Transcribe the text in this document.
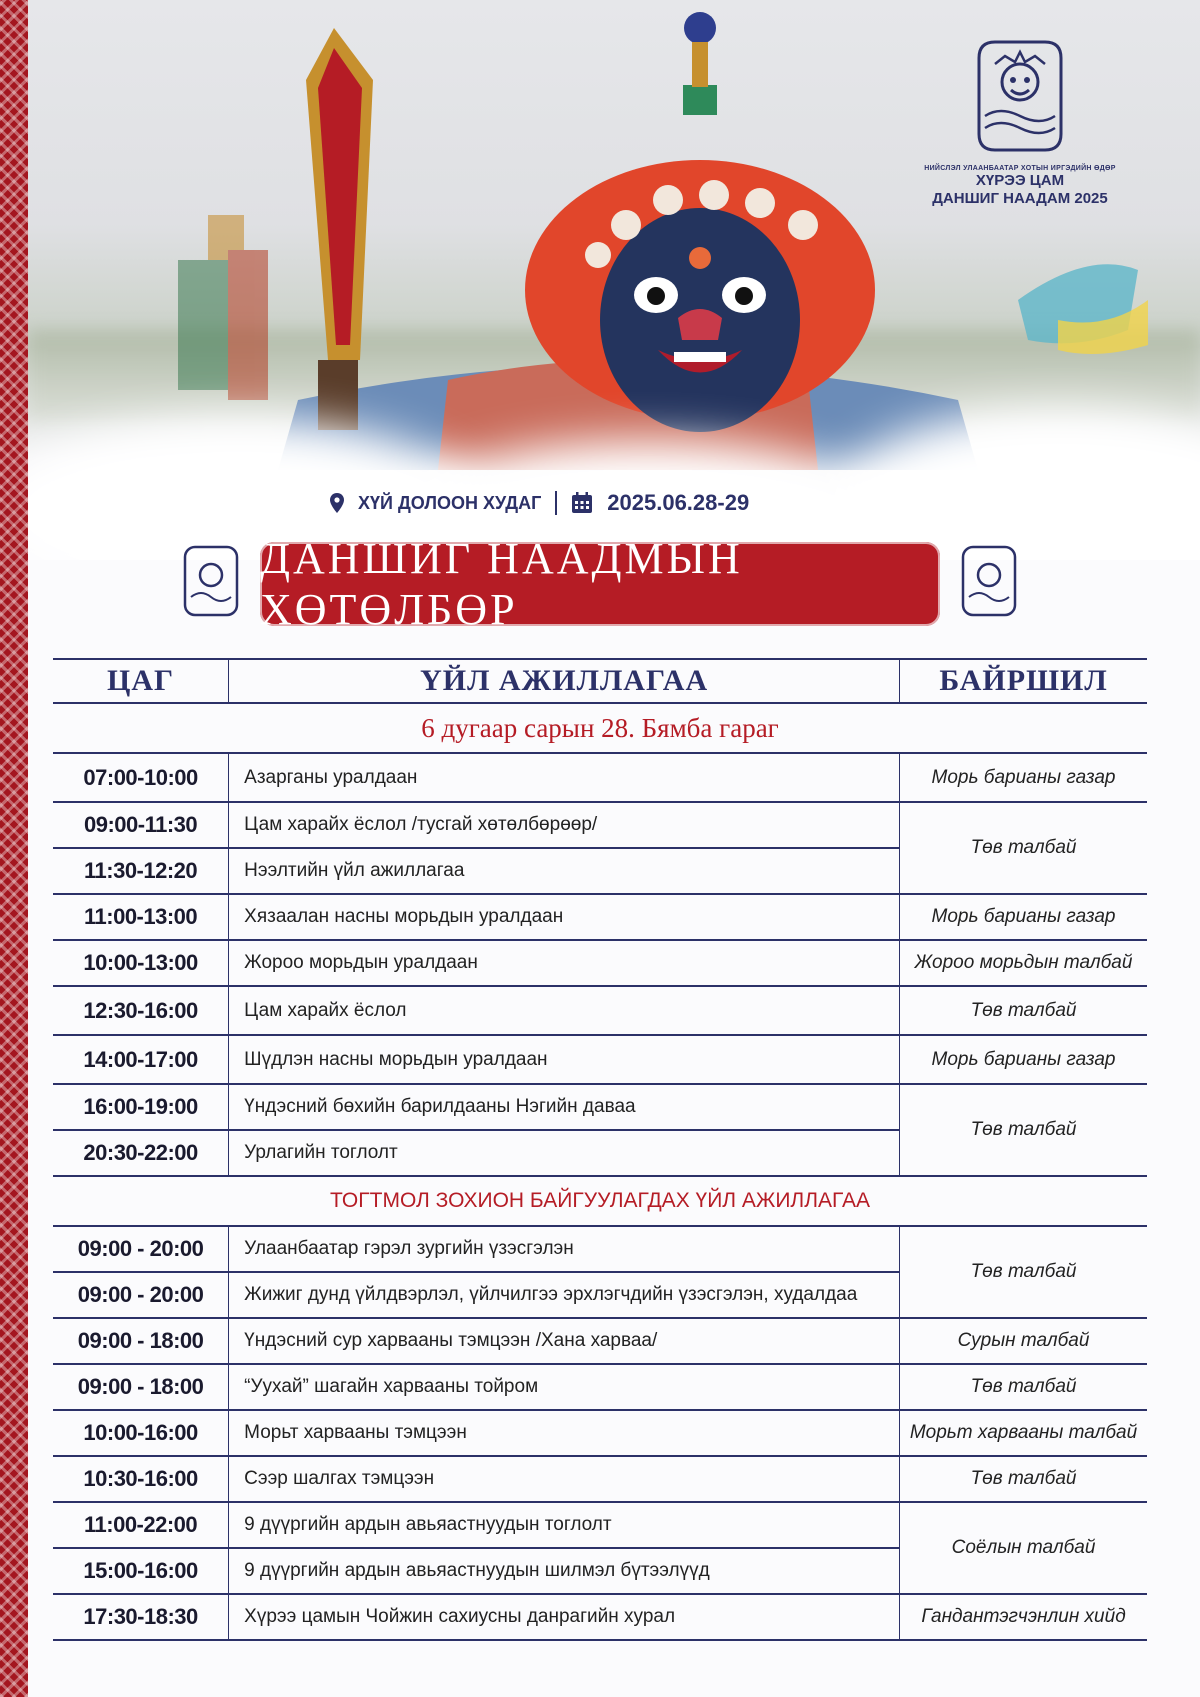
НИЙСЛЭЛ УЛААНБААТАР ХОТЫН ИРГЭДИЙН ӨДӨР
ХҮРЭЭ ЦАМ
ДАНШИГ НААДАМ 2025
ХҮЙ ДОЛООН ХУДАГ	2025.06.28-29
ДАНШИГ НААДМЫН ХӨТӨЛБӨР
ЦАГ	ҮЙЛ АЖИЛЛАГАА	БАЙРШИЛ
6 дугаар сарын 28. Бямба гараг		
07:00-10:00	Азарганы уралдаан	Морь барианы газар
09:00-11:30	Цам харайх ёслол /тусгай хөтөлбөрөөр/	Төв талбай
11:30-12:20	Нээлтийн үйл ажиллагаа	
11:00-13:00	Хязаалан насны морьдын уралдаан	Морь барианы газар
10:00-13:00	Жороо морьдын уралдаан	Жороо морьдын талбай
12:30-16:00	Цам харайх ёслол	Төв талбай
14:00-17:00	Шүдлэн насны морьдын уралдаан	Морь барианы газар
16:00-19:00	Үндэсний бөхийн барилдааны Нэгийн даваа	Төв талбай
20:30-22:00	Урлагийн тоглолт	
ТОГТМОЛ ЗОХИОН БАЙГУУЛАГДАХ ҮЙЛ АЖИЛЛАГАА		
09:00 - 20:00	Улаанбаатар гэрэл зургийн үзэсгэлэн	Төв талбай
09:00 - 20:00	Жижиг дунд үйлдвэрлэл, үйлчилгээ эрхлэгчдийн үзэсгэлэн, худалдаа	
09:00 - 18:00	Үндэсний сур харвааны тэмцээн /Хана харваа/	Сурын талбай
09:00 - 18:00	“Уухай” шагайн харвааны тойром	Төв талбай
10:00-16:00	Морьт харвааны тэмцээн	Морьт харвааны талбай
10:30-16:00	Сээр шалгах тэмцээн	Төв талбай
11:00-22:00	9 дүүргийн ардын авьяастнуудын тоглолт	Соёлын талбай
15:00-16:00	9 дүүргийн ардын авьяастнуудын шилмэл бүтээлүүд	
17:30-18:30	Хүрээ цамын Чойжин сахиусны данрагийн хурал	Гандантэгчэнлин хийд
